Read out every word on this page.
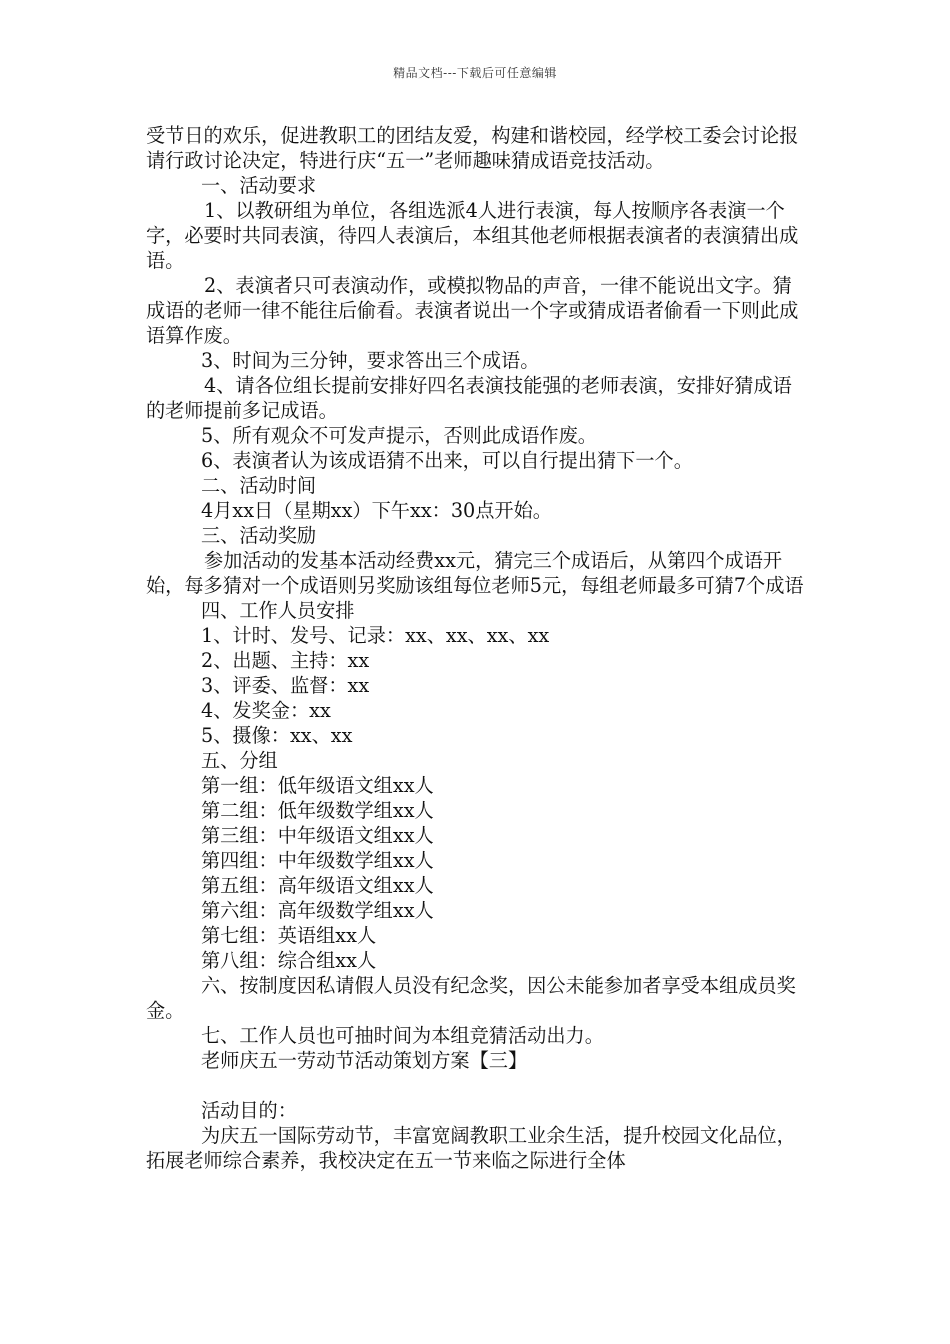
精品文档---下载后可任意编辑

受节日的欢乐，促进教职工的团结友爱，构建和谐校园，经学校工委会讨论报请行政讨论决定，特进行庆“五一”老师趣味猜成语竞技活动。

一、活动要求

1、以教研组为单位，各组选派4人进行表演，每人按顺序各表演一个字，必要时共同表演，待四人表演后，本组其他老师根据表演者的表演猜出成语。

2、表演者只可表演动作，或模拟物品的声音，一律不能说出文字。猜成语的老师一律不能往后偷看。表演者说出一个字或猜成语者偷看一下则此成语算作废。

3、时间为三分钟，要求答出三个成语。

4、请各位组长提前安排好四名表演技能强的老师表演，安排好猜成语的老师提前多记成语。

5、所有观众不可发声提示，否则此成语作废。

6、表演者认为该成语猜不出来，可以自行提出猜下一个。

二、活动时间

4月xx日（星期xx）下午xx：30点开始。

三、活动奖励

参加活动的发基本活动经费xx元，猜完三个成语后，从第四个成语开始，每多猜对一个成语则另奖励该组每位老师5元，每组老师最多可猜7个成语

四、工作人员安排

1、计时、发号、记录：xx、xx、xx、xx

2、出题、主持：xx

3、评委、监督：xx

4、发奖金：xx

5、摄像：xx、xx

五、分组

第一组：低年级语文组xx人

第二组：低年级数学组xx人

第三组：中年级语文组xx人

第四组：中年级数学组xx人

第五组：高年级语文组xx人

第六组：高年级数学组xx人

第七组：英语组xx人

第八组：综合组xx人

六、按制度因私请假人员没有纪念奖，因公未能参加者享受本组成员奖金。

七、工作人员也可抽时间为本组竞猜活动出力。

老师庆五一劳动节活动策划方案【三】

活动目的：

为庆五一国际劳动节，丰富宽阔教职工业余生活，提升校园文化品位，拓展老师综合素养，我校决定在五一节来临之际进行全体
